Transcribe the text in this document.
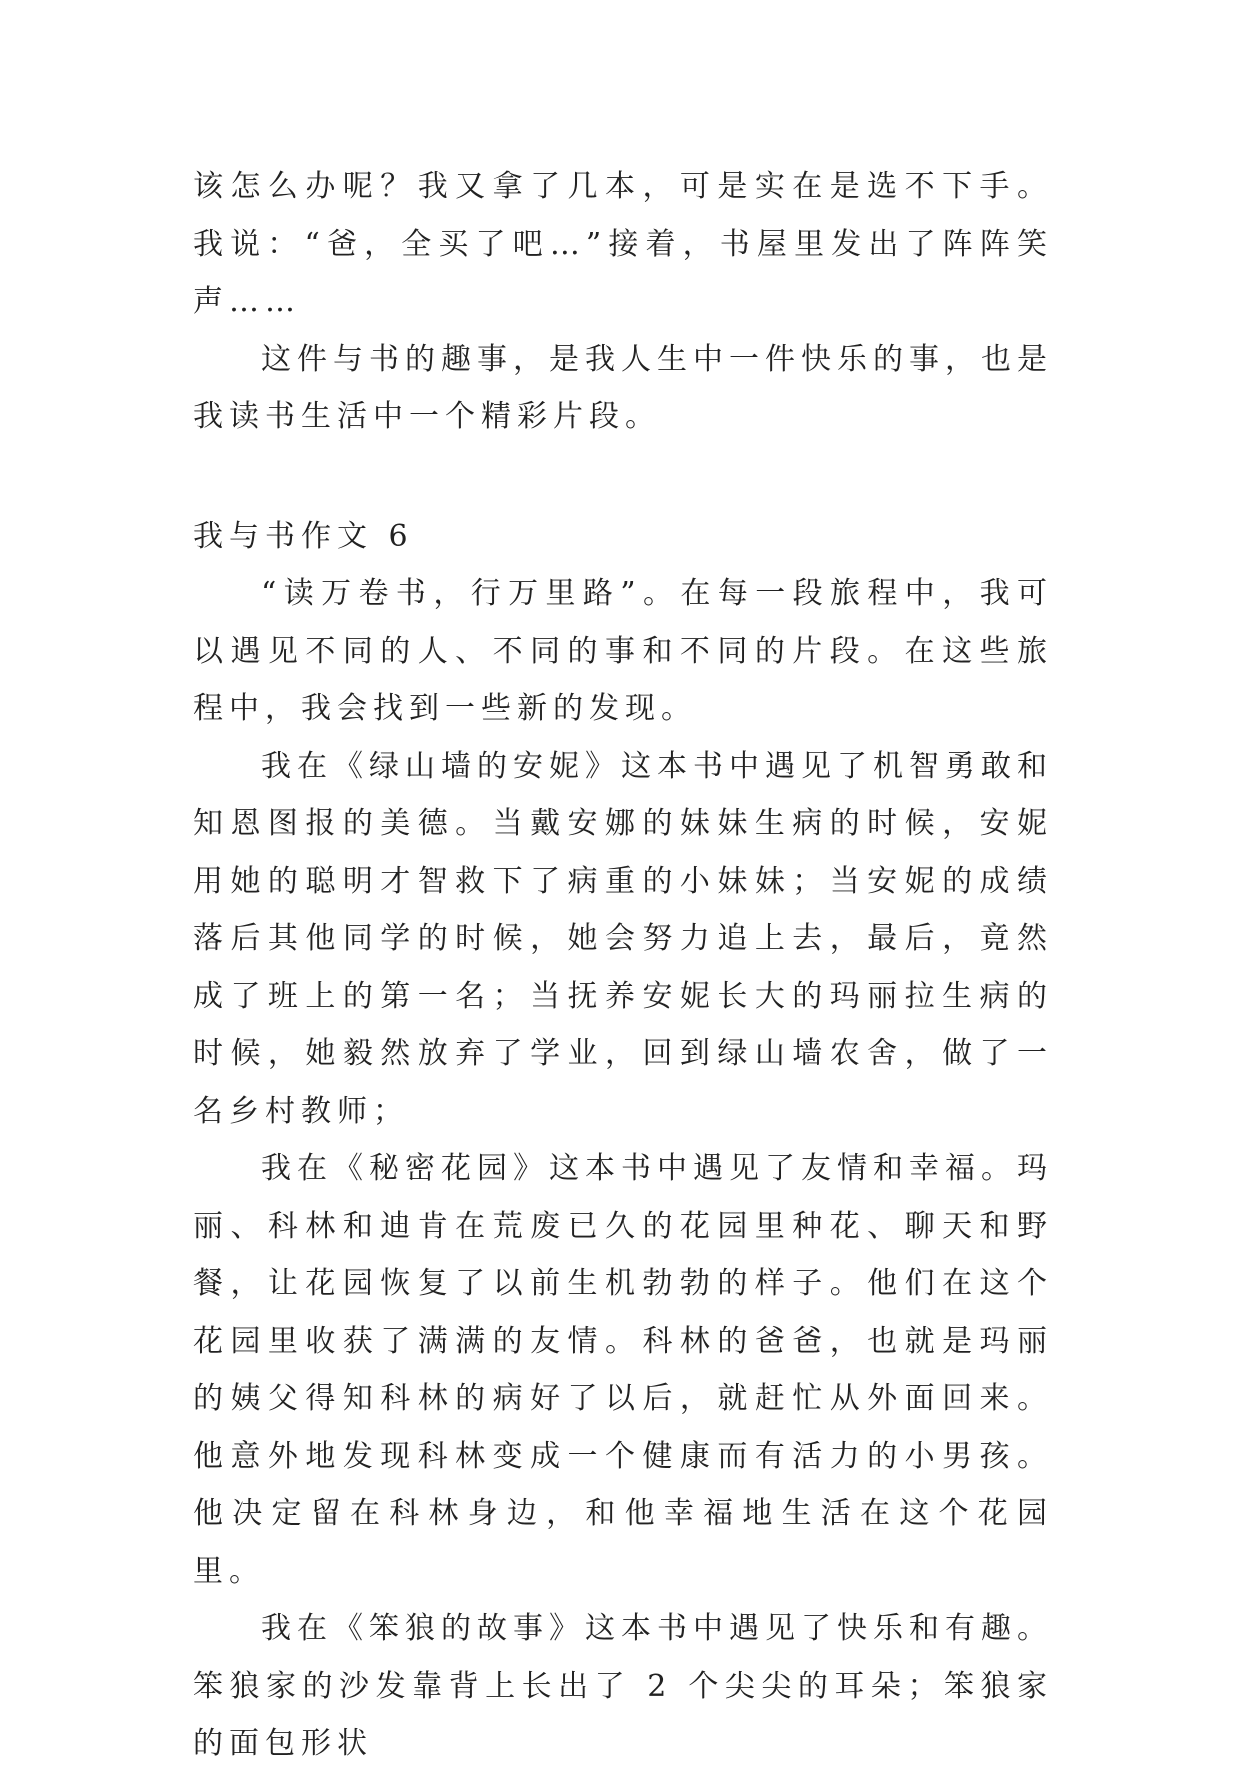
该怎么办呢？我又拿了几本，可是实在是选不下手。我说：“爸，全买了吧…”接着，书屋里发出了阵阵笑声……

这件与书的趣事，是我人生中一件快乐的事，也是我读书生活中一个精彩片段。

我与书作文 6

“读万卷书，行万里路”。在每一段旅程中，我可以遇见不同的人、不同的事和不同的片段。在这些旅程中，我会找到一些新的发现。

我在《绿山墙的安妮》这本书中遇见了机智勇敢和知恩图报的美德。当戴安娜的妹妹生病的时候，安妮用她的聪明才智救下了病重的小妹妹；当安妮的成绩落后其他同学的时候，她会努力追上去，最后，竟然成了班上的第一名；当抚养安妮长大的玛丽拉生病的时候，她毅然放弃了学业，回到绿山墙农舍，做了一名乡村教师；

我在《秘密花园》这本书中遇见了友情和幸福。玛丽、科林和迪肯在荒废已久的花园里种花、聊天和野餐，让花园恢复了以前生机勃勃的样子。他们在这个花园里收获了满满的友情。科林的爸爸，也就是玛丽的姨父得知科林的病好了以后，就赶忙从外面回来。他意外地发现科林变成一个健康而有活力的小男孩。他决定留在科林身边，和他幸福地生活在这个花园里。

我在《笨狼的故事》这本书中遇见了快乐和有趣。笨狼家的沙发靠背上长出了 2 个尖尖的耳朵；笨狼家的面包形状
